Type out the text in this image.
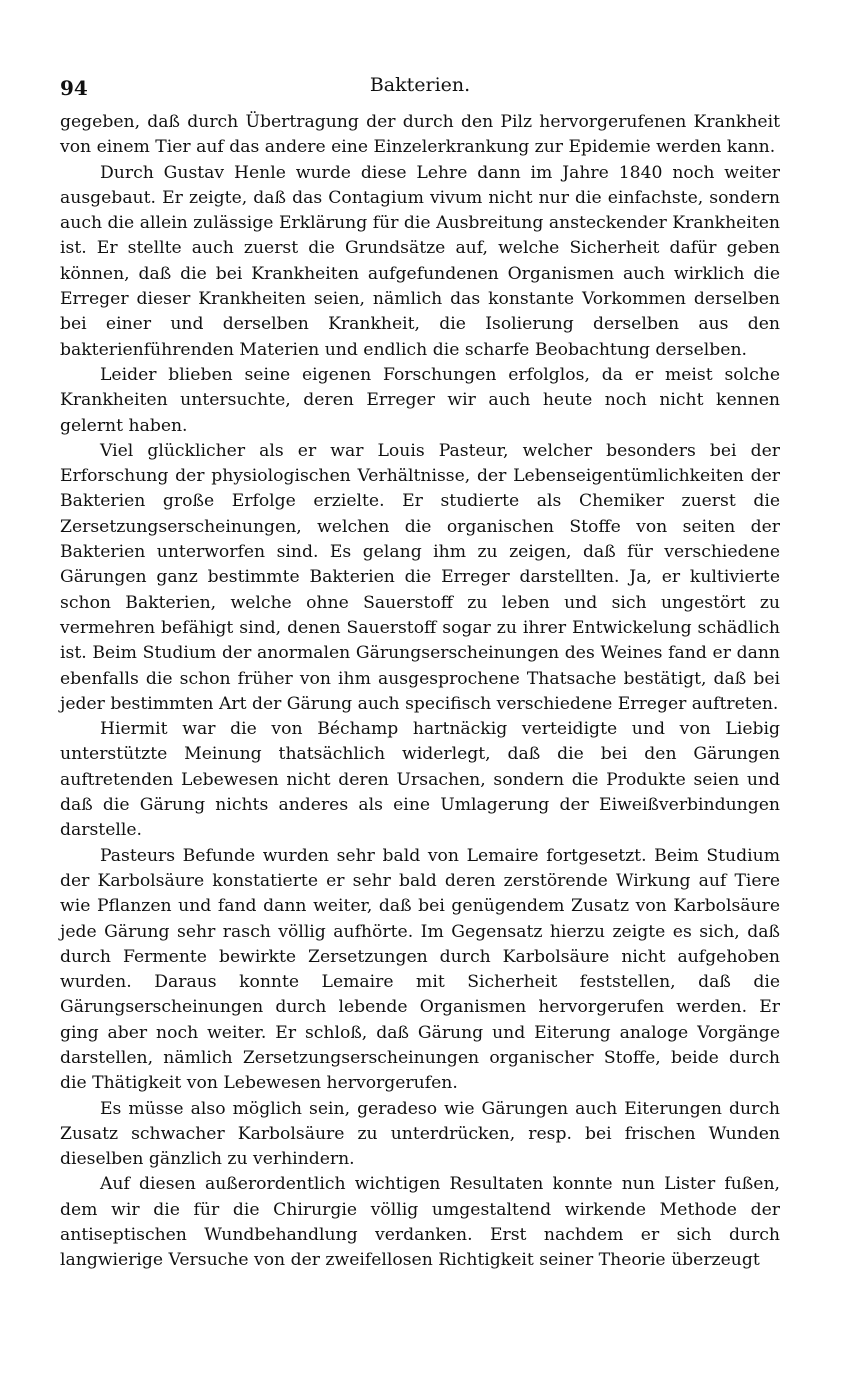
94	Bakterien.

gegeben, daß durch Übertragung der durch den Pilz hervorgerufenen Krankheit von einem Tier auf das andere eine Einzelerkrankung zur Epidemie werden kann.

Durch Gustav Henle wurde diese Lehre dann im Jahre 1840 noch weiter ausgebaut. Er zeigte, daß das Contagium vivum nicht nur die einfachste, sondern auch die allein zulässige Erklärung für die Ausbreitung ansteckender Krankheiten ist. Er stellte auch zuerst die Grundsätze auf, welche Sicherheit dafür geben können, daß die bei Krankheiten aufgefundenen Organismen auch wirklich die Erreger dieser Krankheiten seien, nämlich das konstante Vorkommen derselben bei einer und derselben Krankheit, die Isolierung derselben aus den bakterienführenden Materien und endlich die scharfe Beobachtung derselben.

Leider blieben seine eigenen Forschungen erfolglos, da er meist solche Krankheiten untersuchte, deren Erreger wir auch heute noch nicht kennen gelernt haben.

Viel glücklicher als er war Louis Pasteur, welcher besonders bei der Erforschung der physiologischen Verhältnisse, der Lebenseigentümlichkeiten der Bakterien große Erfolge erzielte. Er studierte als Chemiker zuerst die Zersetzungserscheinungen, welchen die organischen Stoffe von seiten der Bakterien unterworfen sind. Es gelang ihm zu zeigen, daß für verschiedene Gärungen ganz bestimmte Bakterien die Erreger darstellten. Ja, er kultivierte schon Bakterien, welche ohne Sauerstoff zu leben und sich ungestört zu vermehren befähigt sind, denen Sauerstoff sogar zu ihrer Entwickelung schädlich ist. Beim Studium der anormalen Gärungserscheinungen des Weines fand er dann ebenfalls die schon früher von ihm ausgesprochene Thatsache bestätigt, daß bei jeder bestimmten Art der Gärung auch specifisch verschiedene Erreger auftreten.

Hiermit war die von Béchamp hartnäckig verteidigte und von Liebig unterstützte Meinung thatsächlich widerlegt, daß die bei den Gärungen auftretenden Lebewesen nicht deren Ursachen, sondern die Produkte seien und daß die Gärung nichts anderes als eine Umlagerung der Eiweißverbindungen darstelle.

Pasteurs Befunde wurden sehr bald von Lemaire fortgesetzt. Beim Studium der Karbolsäure konstatierte er sehr bald deren zerstörende Wirkung auf Tiere wie Pflanzen und fand dann weiter, daß bei genügendem Zusatz von Karbolsäure jede Gärung sehr rasch völlig aufhörte. Im Gegensatz hierzu zeigte es sich, daß durch Fermente bewirkte Zersetzungen durch Karbolsäure nicht aufgehoben wurden. Daraus konnte Lemaire mit Sicherheit feststellen, daß die Gärungserscheinungen durch lebende Organismen hervorgerufen werden. Er ging aber noch weiter. Er schloß, daß Gärung und Eiterung analoge Vorgänge darstellen, nämlich Zersetzungserscheinungen organischer Stoffe, beide durch die Thätigkeit von Lebewesen hervorgerufen.

Es müsse also möglich sein, geradeso wie Gärungen auch Eiterungen durch Zusatz schwacher Karbolsäure zu unterdrücken, resp. bei frischen Wunden dieselben gänzlich zu verhindern.

Auf diesen außerordentlich wichtigen Resultaten konnte nun Lister fußen, dem wir die für die Chirurgie völlig umgestaltend wirkende Methode der antiseptischen Wundbehandlung verdanken. Erst nachdem er sich durch langwierige Versuche von der zweifellosen Richtigkeit seiner Theorie überzeugt
